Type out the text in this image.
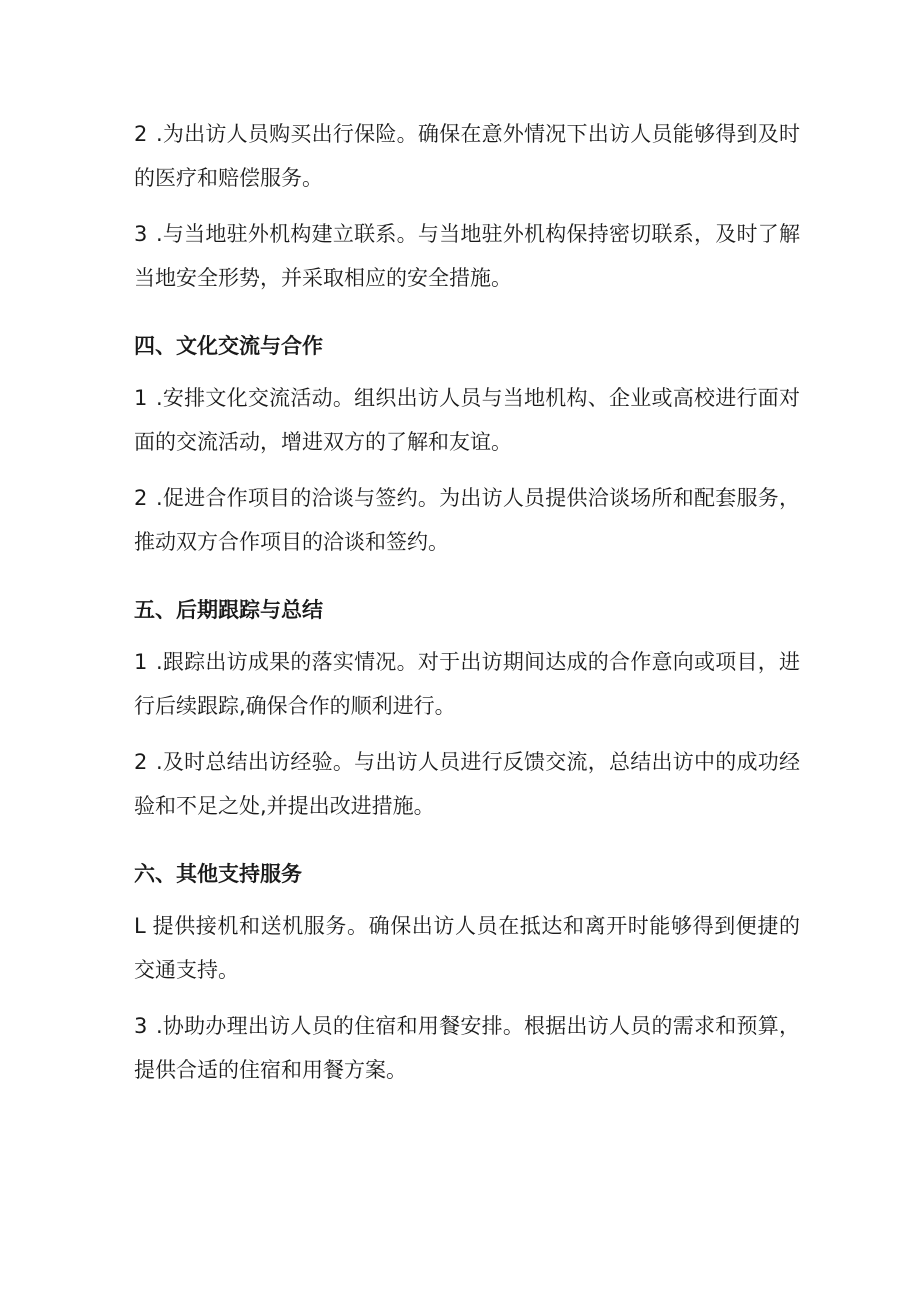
2 .为出访人员购买出行保险。确保在意外情况下出访人员能够得到及时的医疗和赔偿服务。

3 .与当地驻外机构建立联系。与当地驻外机构保持密切联系，及时了解当地安全形势，并采取相应的安全措施。

四、文化交流与合作

1 .安排文化交流活动。组织出访人员与当地机构、企业或高校进行面对面的交流活动，增进双方的了解和友谊。

2 .促进合作项目的洽谈与签约。为出访人员提供洽谈场所和配套服务，推动双方合作项目的洽谈和签约。

五、后期跟踪与总结

1 .跟踪出访成果的落实情况。对于出访期间达成的合作意向或项目，进行后续跟踪,确保合作的顺利进行。

2 .及时总结出访经验。与出访人员进行反馈交流，总结出访中的成功经验和不足之处,并提出改进措施。

六、其他支持服务

L 提供接机和送机服务。确保出访人员在抵达和离开时能够得到便捷的交通支持。

3 .协助办理出访人员的住宿和用餐安排。根据出访人员的需求和预算，提供合适的住宿和用餐方案。
